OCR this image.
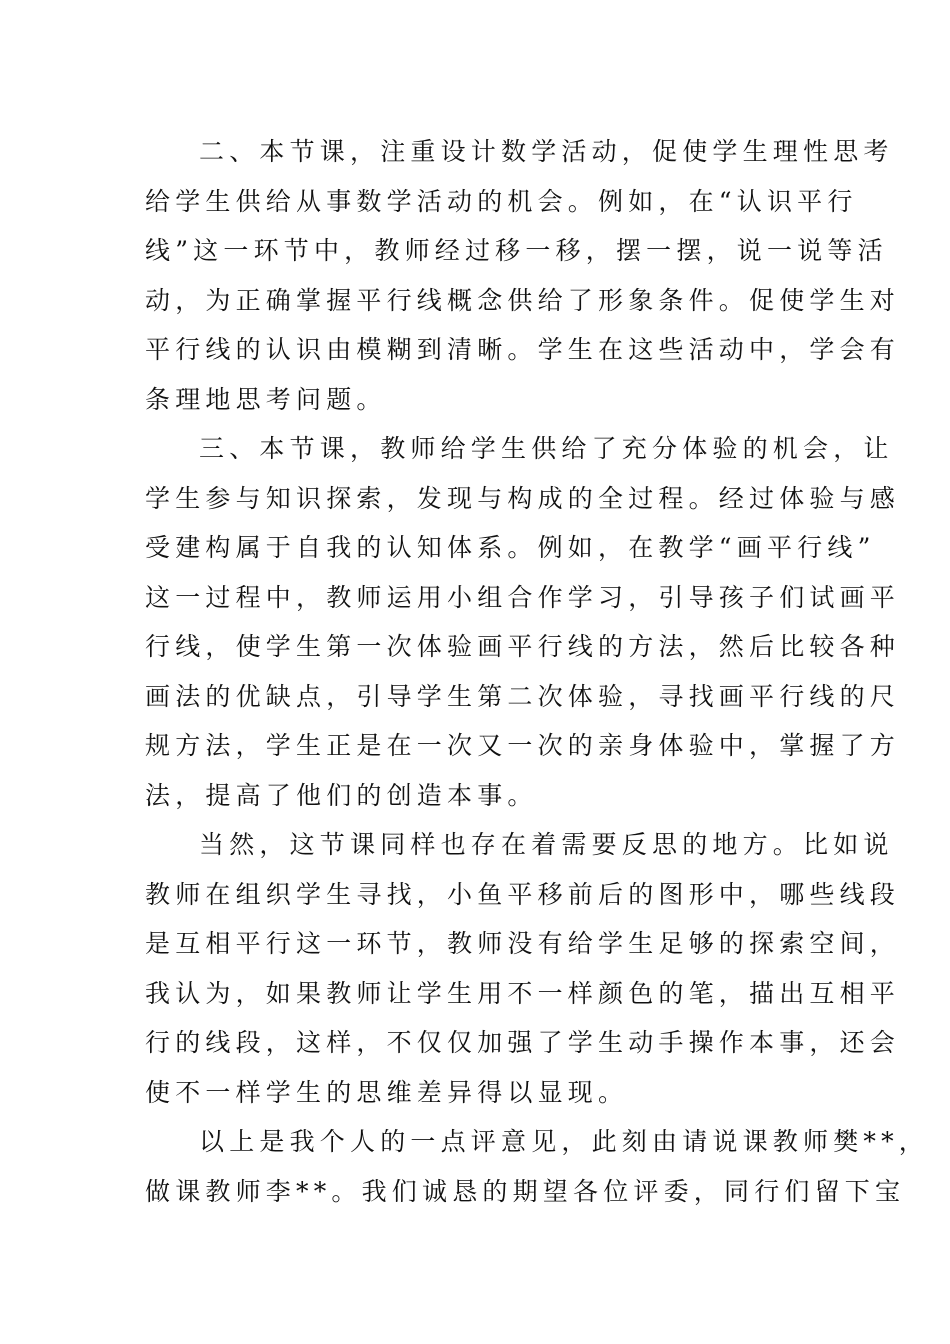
二、本节课，注重设计数学活动，促使学生理性思考
给学生供给从事数学活动的机会。例如，在“认识平行
线”这一环节中，教师经过移一移，摆一摆，说一说等活
动，为正确掌握平行线概念供给了形象条件。促使学生对
平行线的认识由模糊到清晰。学生在这些活动中，学会有
条理地思考问题。
三、本节课，教师给学生供给了充分体验的机会，让
学生参与知识探索，发现与构成的全过程。经过体验与感
受建构属于自我的认知体系。例如，在教学“画平行线”
这一过程中，教师运用小组合作学习，引导孩子们试画平
行线，使学生第一次体验画平行线的方法，然后比较各种
画法的优缺点，引导学生第二次体验，寻找画平行线的尺
规方法，学生正是在一次又一次的亲身体验中，掌握了方
法，提高了他们的创造本事。
当然，这节课同样也存在着需要反思的地方。比如说
教师在组织学生寻找，小鱼平移前后的图形中，哪些线段
是互相平行这一环节，教师没有给学生足够的探索空间，
我认为，如果教师让学生用不一样颜色的笔，描出互相平
行的线段，这样，不仅仅加强了学生动手操作本事，还会
使不一样学生的思维差异得以显现。
以上是我个人的一点评意见，此刻由请说课教师樊**，
做课教师李**。我们诚恳的期望各位评委，同行们留下宝
